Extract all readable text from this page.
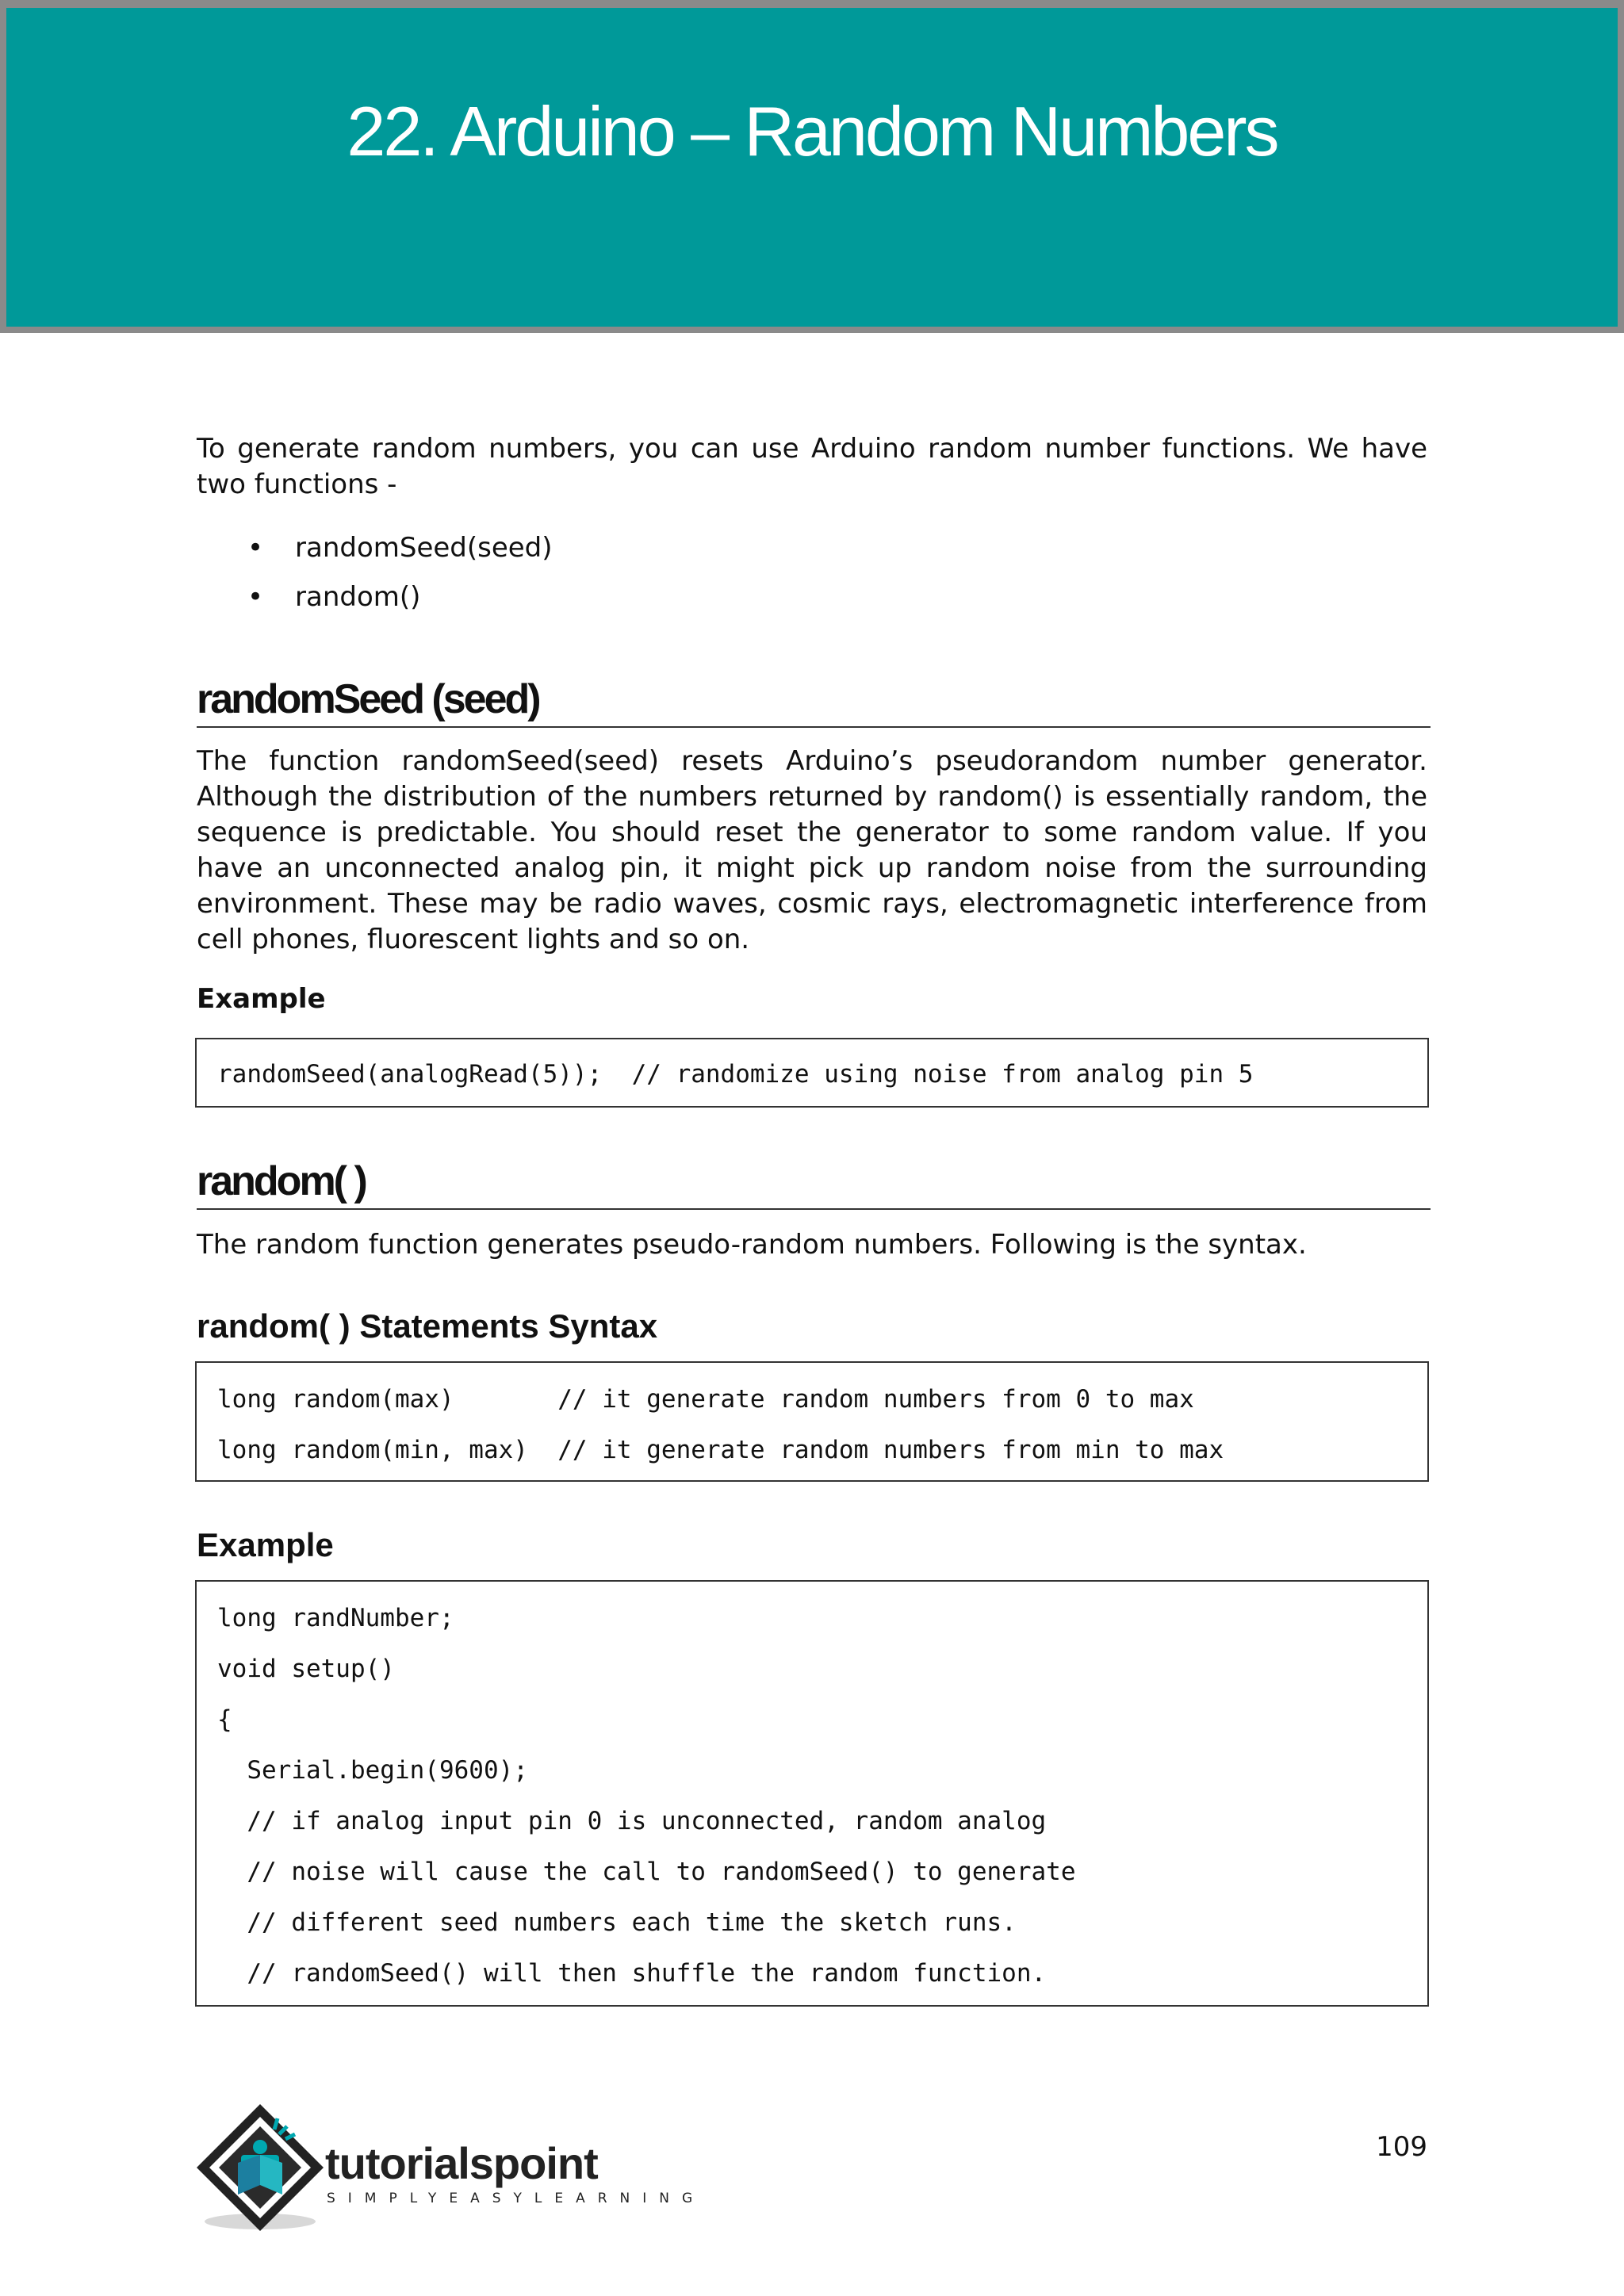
22. Arduino – Random Numbers

To generate random numbers, you can use Arduino random number functions. We have two functions -

• randomSeed(seed)
• random()
randomSeed (seed)

The function randomSeed(seed) resets Arduino’s pseudorandom number generator. Although the distribution of the numbers returned by random() is essentially random, the sequence is predictable. You should reset the generator to some random value. If you have an unconnected analog pin, it might pick up random noise from the surrounding environment. These may be radio waves, cosmic rays, electromagnetic interference from cell phones, fluorescent lights and so on.

Example
randomSeed(analogRead(5));  // randomize using noise from analog pin 5
random( )

The random function generates pseudo-random numbers. Following is the syntax.

random( ) Statements Syntax
long random(max)       // it generate random numbers from 0 to max
long random(min, max)  // it generate random numbers from min to max
Example
long randNumber;
void setup()
{
Serial.begin(9600);
// if analog input pin 0 is unconnected, random analog
// noise will cause the call to randomSeed() to generate
// different seed numbers each time the sketch runs.
// randomSeed() will then shuffle the random function.
tutorialspoint
SIMPLYEASYLEARNING
109
